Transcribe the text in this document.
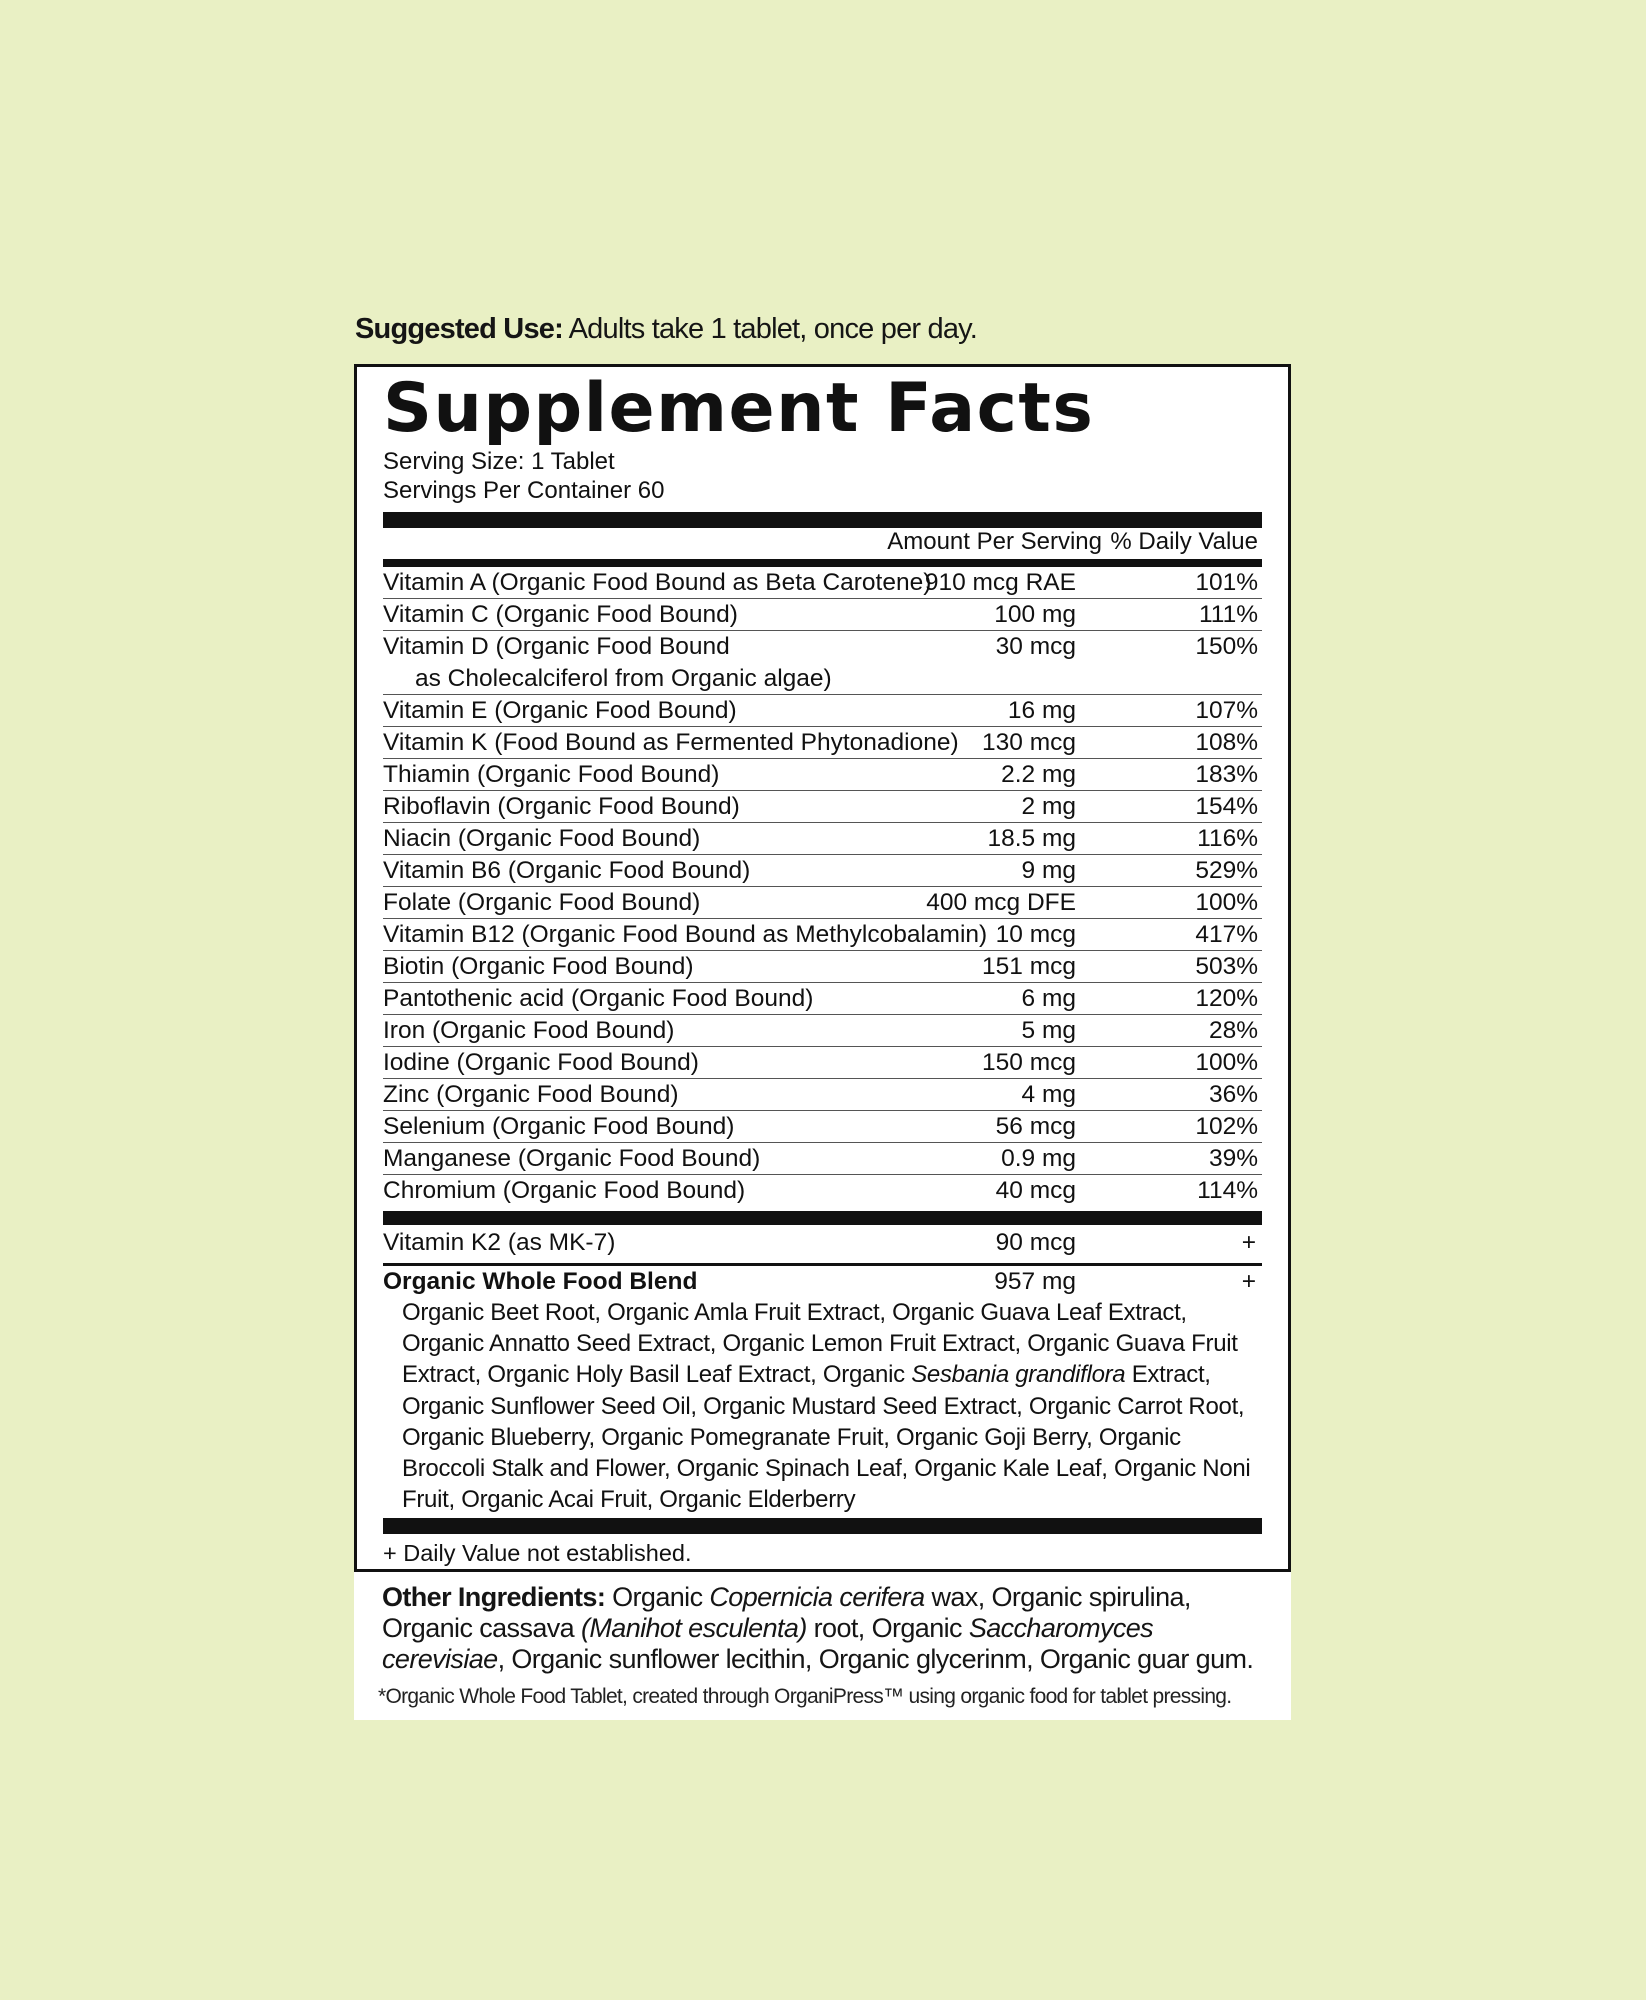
Suggested Use: Adults take 1 tablet, once per day.
Supplement Facts
Serving Size: 1 Tablet
Servings Per Container 60
Amount Per Serving % Daily Value
Vitamin A (Organic Food Bound as Beta Carotene)
910 mcg RAE	101%
Vitamin C (Organic Food Bound)	100 mg	111%
Vitamin D (Organic Food Bound
as Cholecalciferol from Organic algae)
30 mcg	150%
Vitamin E (Organic Food Bound)	16 mg	107%
Vitamin K (Food Bound as Fermented Phytonadione) 130 mcg	108%
Thiamin (Organic Food Bound)	2.2 mg	183%
Riboflavin (Organic Food Bound)	2 mg	154%
Niacin (Organic Food Bound)	18.5 mg	116%
Vitamin B6 (Organic Food Bound)	9 mg	529%
Folate (Organic Food Bound)	400 mcg DFE	100%
Vitamin B12 (Organic Food Bound as Methylcobalamin) 10 mcg	417%
Biotin (Organic Food Bound)	151 mcg	503%
Pantothenic acid (Organic Food Bound)	6 mg	120%
Iron (Organic Food Bound)	5 mg	28%
Iodine (Organic Food Bound)	150 mcg	100%
Zinc (Organic Food Bound)	4 mg	36%
Selenium (Organic Food Bound)	56 mcg	102%
Manganese (Organic Food Bound)	0.9 mg	39%
Chromium (Organic Food Bound)	40 mcg	114%
Vitamin K2 (as MK-7)	90 mcg	+
Organic Whole Food Blend	957 mg	+
Organic Beet Root, Organic Amla Fruit Extract, Organic Guava Leaf Extract, Organic Annatto Seed Extract, Organic Lemon Fruit Extract, Organic Guava Fruit Extract, Organic Holy Basil Leaf Extract, Organic Sesbania grandiflora Extract, Organic Sunflower Seed Oil, Organic Mustard Seed Extract, Organic Carrot Root, Organic Blueberry, Organic Pomegranate Fruit, Organic Goji Berry, Organic Broccoli Stalk and Flower, Organic Spinach Leaf, Organic Kale Leaf, Organic Noni Fruit, Organic Acai Fruit, Organic Elderberry
+ Daily Value not established.
Other Ingredients: Organic Copernicia cerifera wax, Organic spirulina, Organic cassava (Manihot esculenta) root, Organic Saccharomyces cerevisiae, Organic sunflower lecithin, Organic glycerinm, Organic guar gum.
*Organic Whole Food Tablet, created through OrganiPress™ using organic food for tablet pressing.
